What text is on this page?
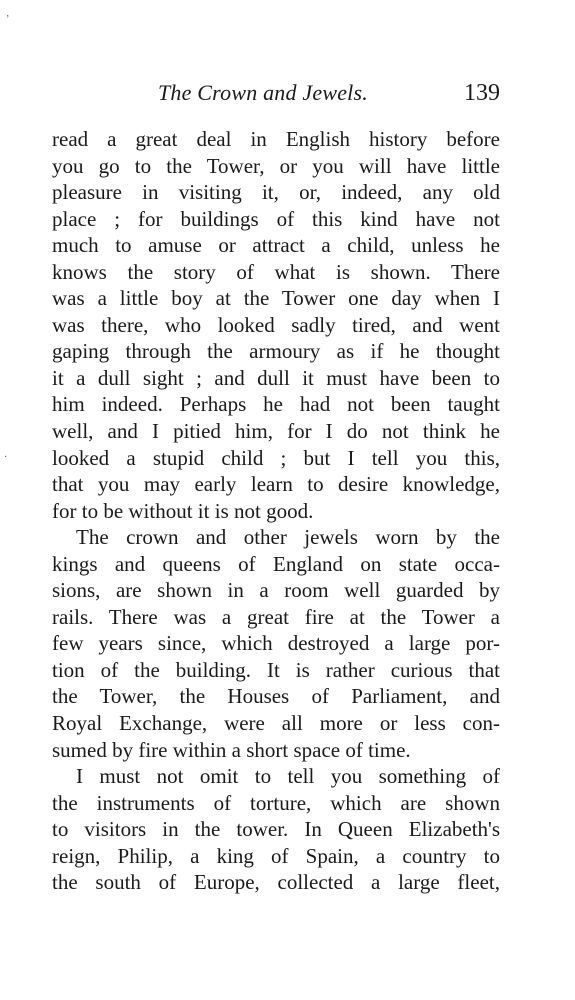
The Crown and Jewels.	139
ʼ
·
read a great deal in English history before
you go to the Tower, or you will have little
pleasure in visiting it, or, indeed, any old
place ; for buildings of this kind have not
much to amuse or attract a child, unless he
knows the story of what is shown. There
was a little boy at the Tower one day when I
was there, who looked sadly tired, and went
gaping through the armoury as if he thought
it a dull sight ; and dull it must have been to
him indeed. Perhaps he had not been taught
well, and I pitied him, for I do not think he
looked a stupid child ; but I tell you this,
that you may early learn to desire knowledge,
for to be without it is not good.
The crown and other jewels worn by the
kings and queens of England on state occa-
sions, are shown in a room well guarded by
rails. There was a great fire at the Tower a
few years since, which destroyed a large por-
tion of the building. It is rather curious that
the Tower, the Houses of Parliament, and
Royal Exchange, were all more or less con-
sumed by fire within a short space of time.
I must not omit to tell you something of
the instruments of torture, which are shown
to visitors in the tower. In Queen Elizabeth's
reign, Philip, a king of Spain, a country to
the south of Europe, collected a large fleet,
